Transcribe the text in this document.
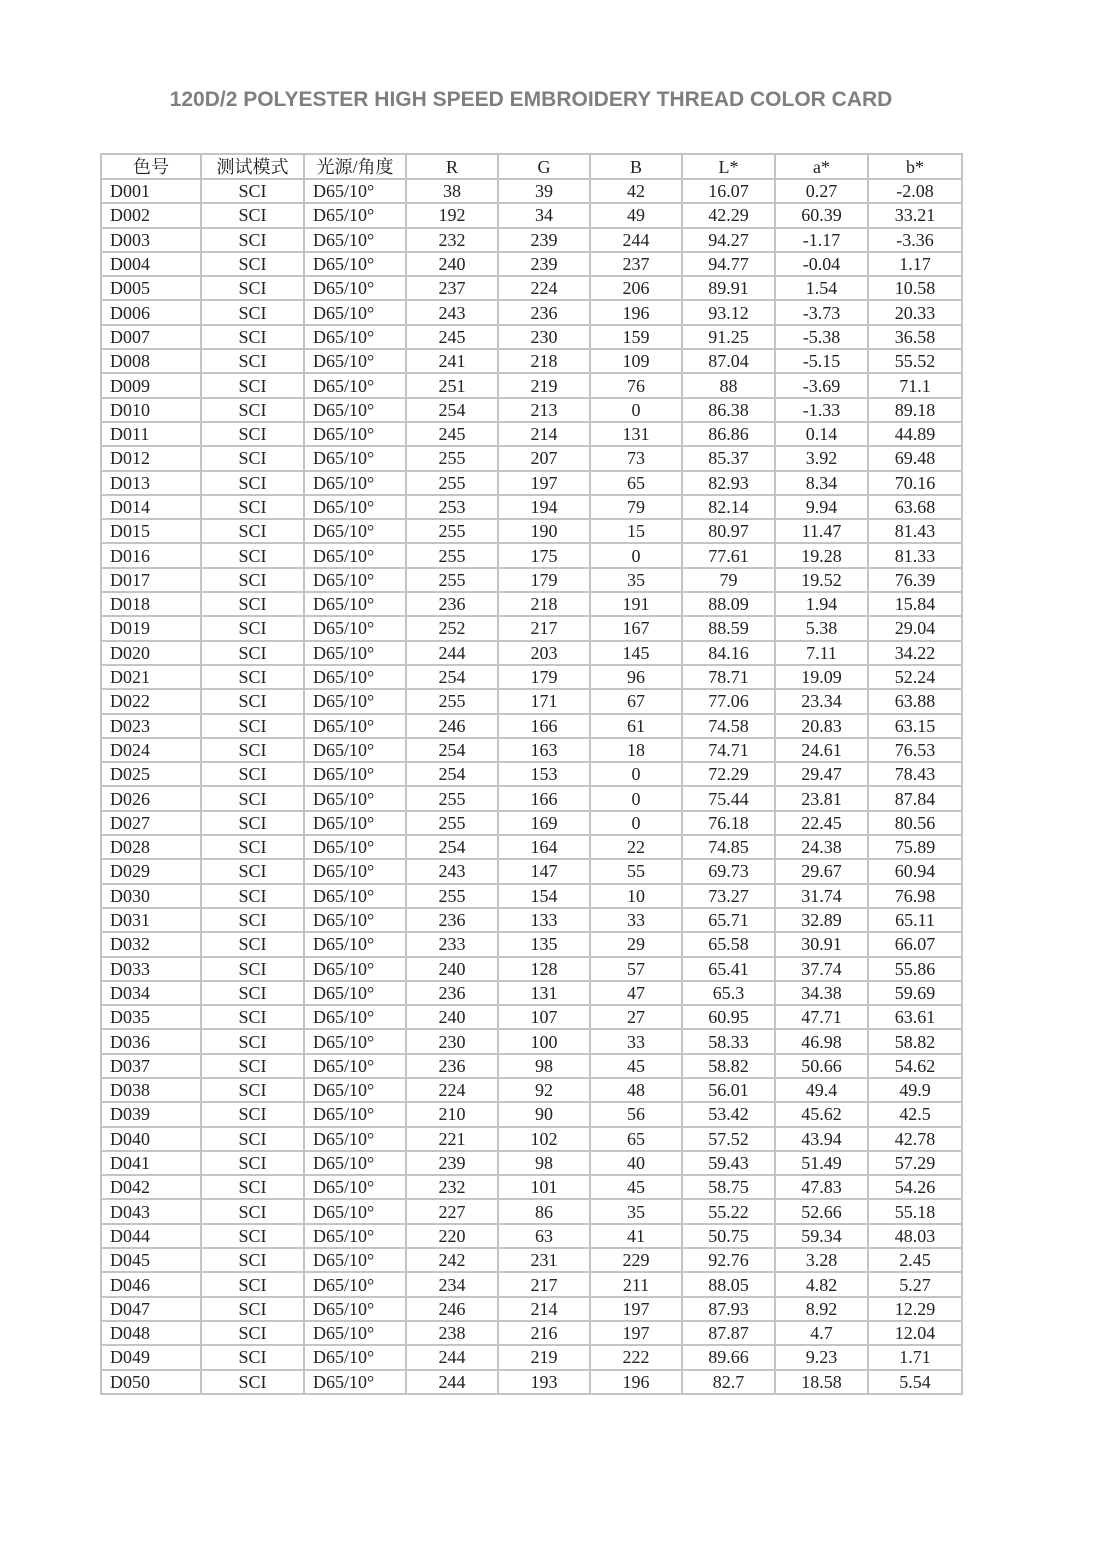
120D/2 POLYESTER HIGH SPEED EMBROIDERY THREAD COLOR CARD
色号	测试模式	光源/角度	R	G	B	L*	a*	b*
D001	SCI	D65/10°	38	39	42	16.07	0.27	-2.08
D002	SCI	D65/10°	192	34	49	42.29	60.39	33.21
D003	SCI	D65/10°	232	239	244	94.27	-1.17	-3.36
D004	SCI	D65/10°	240	239	237	94.77	-0.04	1.17
D005	SCI	D65/10°	237	224	206	89.91	1.54	10.58
D006	SCI	D65/10°	243	236	196	93.12	-3.73	20.33
D007	SCI	D65/10°	245	230	159	91.25	-5.38	36.58
D008	SCI	D65/10°	241	218	109	87.04	-5.15	55.52
D009	SCI	D65/10°	251	219	76	88	-3.69	71.1
D010	SCI	D65/10°	254	213	0	86.38	-1.33	89.18
D011	SCI	D65/10°	245	214	131	86.86	0.14	44.89
D012	SCI	D65/10°	255	207	73	85.37	3.92	69.48
D013	SCI	D65/10°	255	197	65	82.93	8.34	70.16
D014	SCI	D65/10°	253	194	79	82.14	9.94	63.68
D015	SCI	D65/10°	255	190	15	80.97	11.47	81.43
D016	SCI	D65/10°	255	175	0	77.61	19.28	81.33
D017	SCI	D65/10°	255	179	35	79	19.52	76.39
D018	SCI	D65/10°	236	218	191	88.09	1.94	15.84
D019	SCI	D65/10°	252	217	167	88.59	5.38	29.04
D020	SCI	D65/10°	244	203	145	84.16	7.11	34.22
D021	SCI	D65/10°	254	179	96	78.71	19.09	52.24
D022	SCI	D65/10°	255	171	67	77.06	23.34	63.88
D023	SCI	D65/10°	246	166	61	74.58	20.83	63.15
D024	SCI	D65/10°	254	163	18	74.71	24.61	76.53
D025	SCI	D65/10°	254	153	0	72.29	29.47	78.43
D026	SCI	D65/10°	255	166	0	75.44	23.81	87.84
D027	SCI	D65/10°	255	169	0	76.18	22.45	80.56
D028	SCI	D65/10°	254	164	22	74.85	24.38	75.89
D029	SCI	D65/10°	243	147	55	69.73	29.67	60.94
D030	SCI	D65/10°	255	154	10	73.27	31.74	76.98
D031	SCI	D65/10°	236	133	33	65.71	32.89	65.11
D032	SCI	D65/10°	233	135	29	65.58	30.91	66.07
D033	SCI	D65/10°	240	128	57	65.41	37.74	55.86
D034	SCI	D65/10°	236	131	47	65.3	34.38	59.69
D035	SCI	D65/10°	240	107	27	60.95	47.71	63.61
D036	SCI	D65/10°	230	100	33	58.33	46.98	58.82
D037	SCI	D65/10°	236	98	45	58.82	50.66	54.62
D038	SCI	D65/10°	224	92	48	56.01	49.4	49.9
D039	SCI	D65/10°	210	90	56	53.42	45.62	42.5
D040	SCI	D65/10°	221	102	65	57.52	43.94	42.78
D041	SCI	D65/10°	239	98	40	59.43	51.49	57.29
D042	SCI	D65/10°	232	101	45	58.75	47.83	54.26
D043	SCI	D65/10°	227	86	35	55.22	52.66	55.18
D044	SCI	D65/10°	220	63	41	50.75	59.34	48.03
D045	SCI	D65/10°	242	231	229	92.76	3.28	2.45
D046	SCI	D65/10°	234	217	211	88.05	4.82	5.27
D047	SCI	D65/10°	246	214	197	87.93	8.92	12.29
D048	SCI	D65/10°	238	216	197	87.87	4.7	12.04
D049	SCI	D65/10°	244	219	222	89.66	9.23	1.71
D050	SCI	D65/10°	244	193	196	82.7	18.58	5.54
